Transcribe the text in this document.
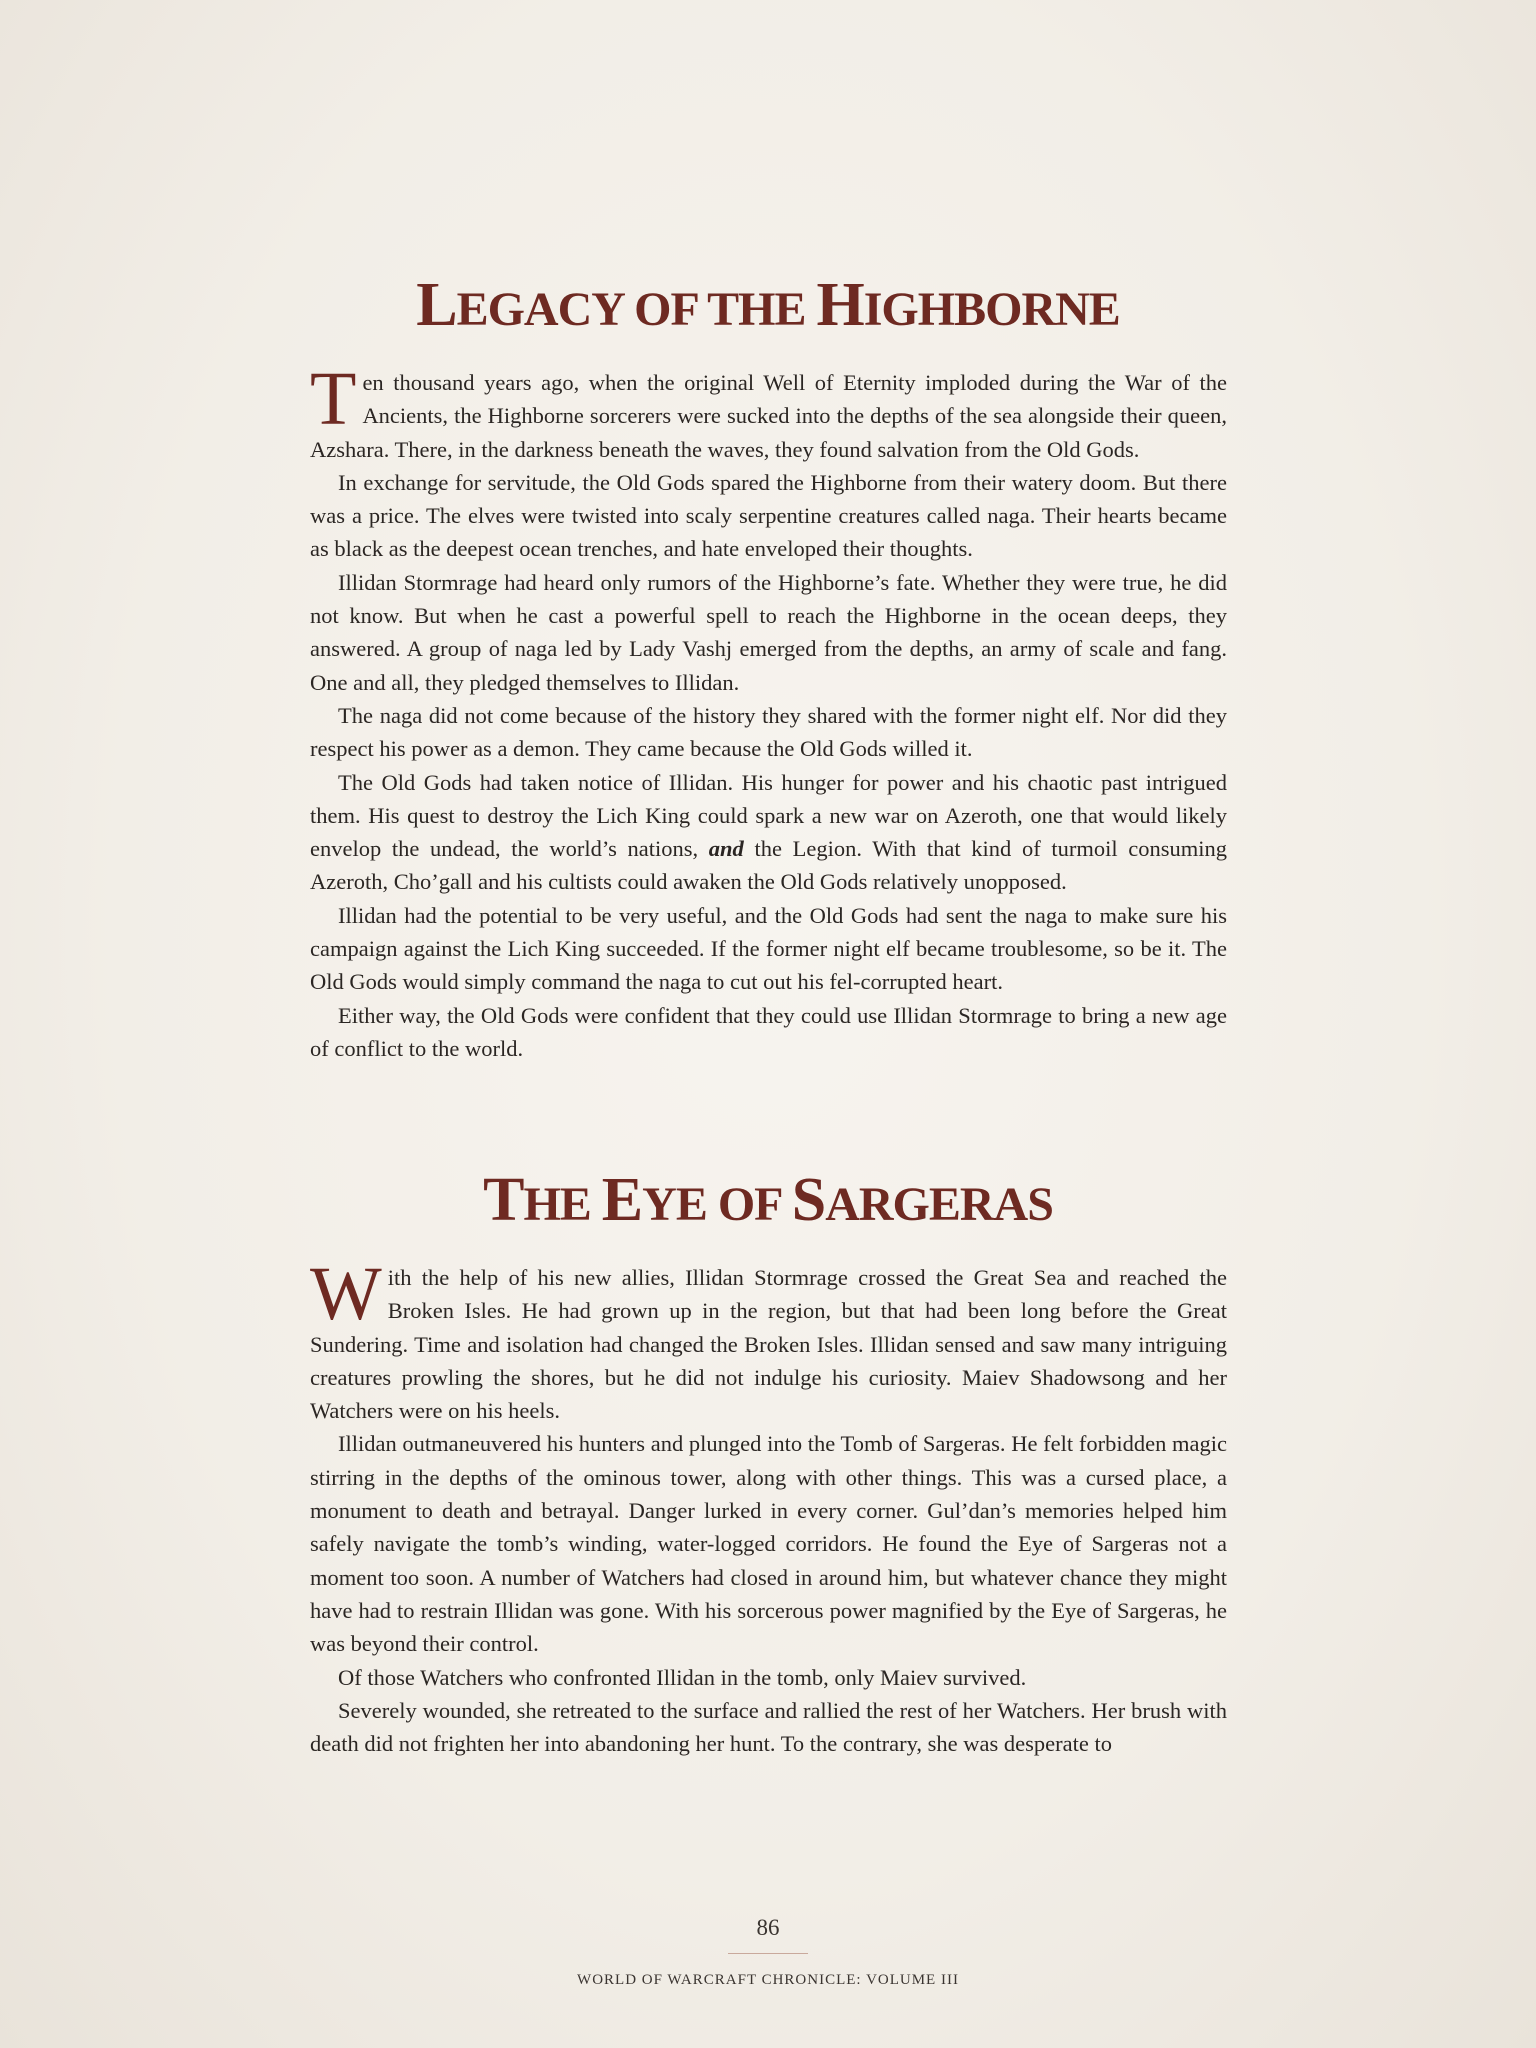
LEGACY OF THE HIGHBORNE

Ten thousand years ago, when the original Well of Eternity imploded during the War of the Ancients, the Highborne sorcerers were sucked into the depths of the sea alongside their queen, Azshara. There, in the darkness beneath the waves, they found salvation from the Old Gods.

In exchange for servitude, the Old Gods spared the Highborne from their watery doom. But there was a price. The elves were twisted into scaly serpentine creatures called naga. Their hearts became as black as the deepest ocean trenches, and hate enveloped their thoughts.

Illidan Stormrage had heard only rumors of the Highborne’s fate. Whether they were true, he did not know. But when he cast a powerful spell to reach the Highborne in the ocean deeps, they answered. A group of naga led by Lady Vashj emerged from the depths, an army of scale and fang. One and all, they pledged themselves to Illidan.

The naga did not come because of the history they shared with the former night elf. Nor did they respect his power as a demon. They came because the Old Gods willed it.

The Old Gods had taken notice of Illidan. His hunger for power and his chaotic past intrigued them. His quest to destroy the Lich King could spark a new war on Azeroth, one that would likely envelop the undead, the world’s nations, and the Legion. With that kind of turmoil consuming Azeroth, Cho’gall and his cultists could awaken the Old Gods relatively unopposed.

Illidan had the potential to be very useful, and the Old Gods had sent the naga to make sure his campaign against the Lich King succeeded. If the former night elf became troublesome, so be it. The Old Gods would simply command the naga to cut out his fel-corrupted heart.

Either way, the Old Gods were confident that they could use Illidan Stormrage to bring a new age of conflict to the world.

THE EYE OF SARGERAS

With the help of his new allies, Illidan Stormrage crossed the Great Sea and reached the Broken Isles. He had grown up in the region, but that had been long before the Great Sundering. Time and isolation had changed the Broken Isles. Illidan sensed and saw many intriguing creatures prowling the shores, but he did not indulge his curiosity. Maiev Shadowsong and her Watchers were on his heels.

Illidan outmaneuvered his hunters and plunged into the Tomb of Sargeras. He felt forbidden magic stirring in the depths of the ominous tower, along with other things. This was a cursed place, a monument to death and betrayal. Danger lurked in every corner. Gul’dan’s memories helped him safely navigate the tomb’s winding, water-logged corridors. He found the Eye of Sargeras not a moment too soon. A number of Watchers had closed in around him, but whatever chance they might have had to restrain Illidan was gone. With his sorcerous power magnified by the Eye of Sargeras, he was beyond their control.

Of those Watchers who confronted Illidan in the tomb, only Maiev survived.

Severely wounded, she retreated to the surface and rallied the rest of her Watchers. Her brush with death did not frighten her into abandoning her hunt. To the contrary, she was desperate to

86
WORLD OF WARCRAFT CHRONICLE: VOLUME III
